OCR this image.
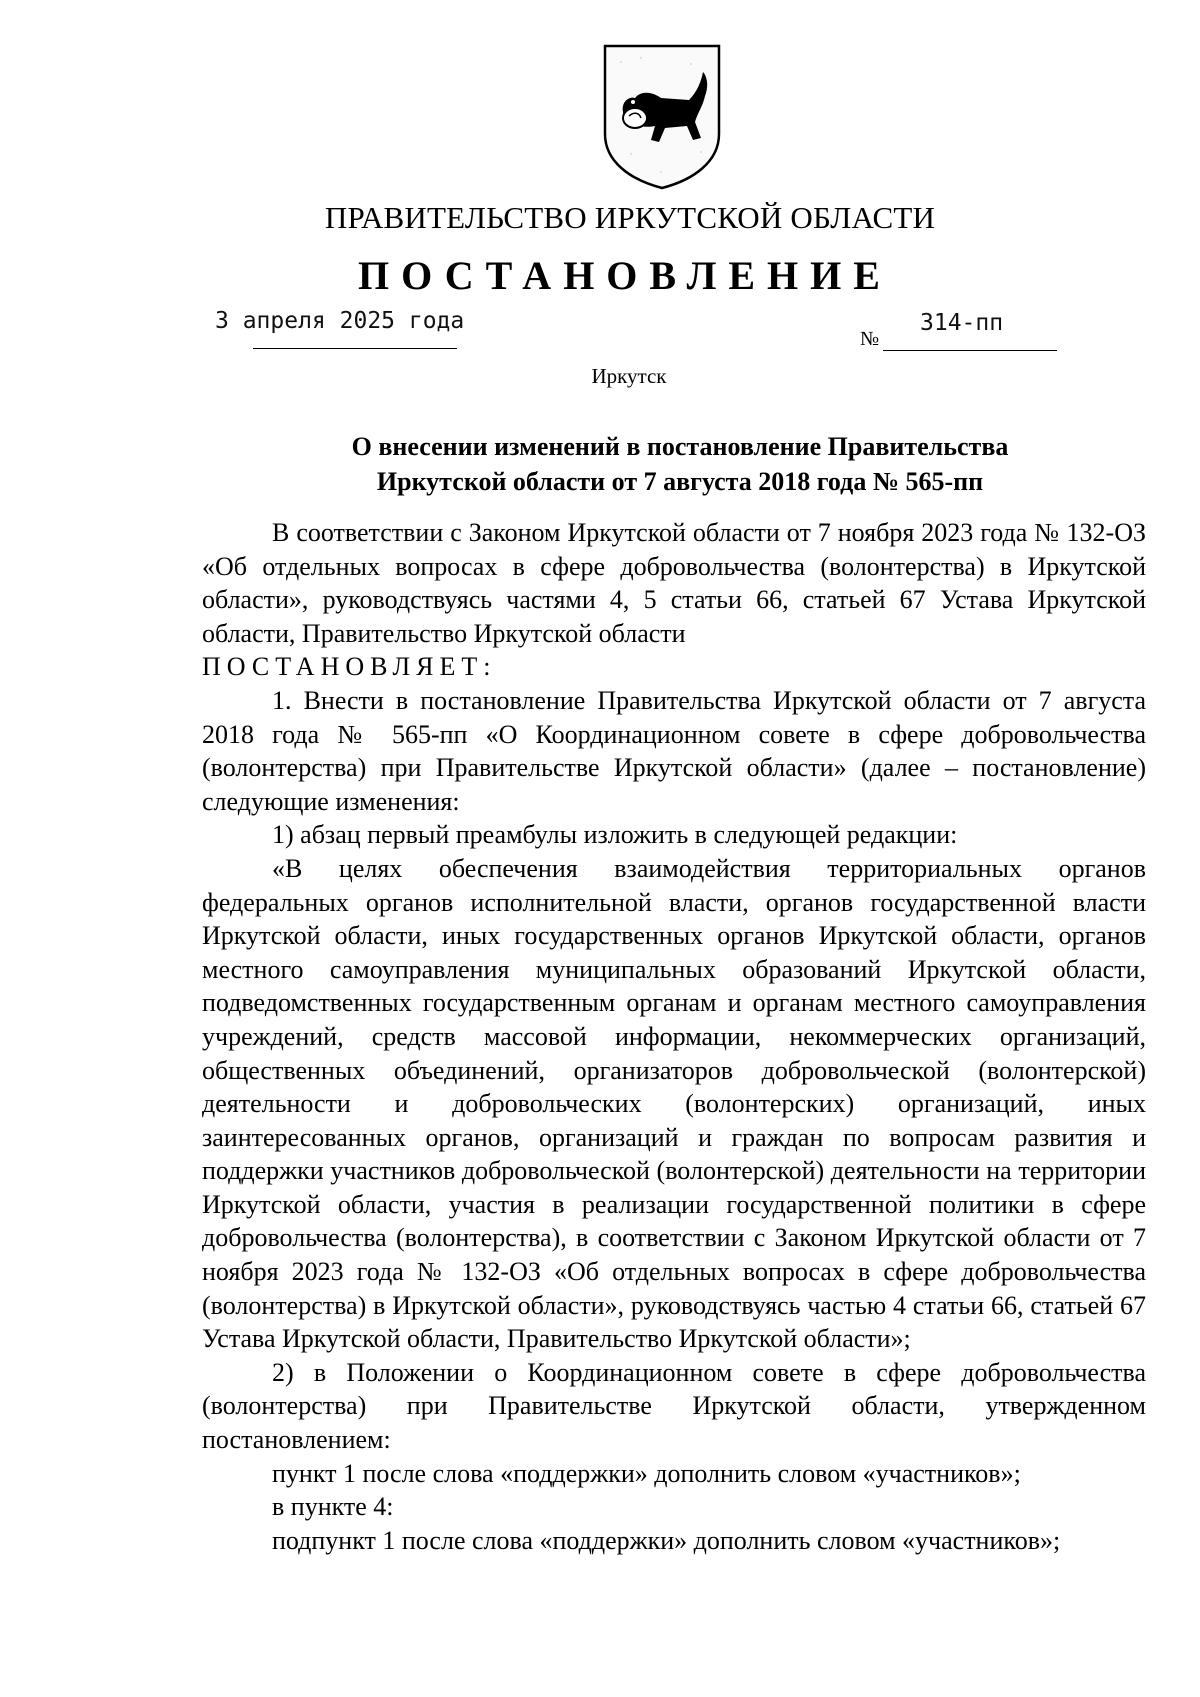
ПРАВИТЕЛЬСТВО ИРКУТСКОЙ ОБЛАСТИ
ПОСТАНОВЛЕНИЕ
3 апреля 2025 года
№
314-пп
Иркутск
О внесении изменений в постановление Правительства
Иркутской области от 7 августа 2018 года № 565-пп

В соответствии с Законом Иркутской области от 7 ноября 2023 года № 132-ОЗ «Об отдельных вопросах в сфере добровольчества (волонтерства) в Иркутской области», руководствуясь частями 4, 5 статьи 66, статьей 67 Устава Иркутской области, Правительство Иркутской области

ПОСТАНОВЛЯЕТ:

1. Внести в постановление Правительства Иркутской области от 7 августа 2018 года № 565-пп «О Координационном совете в сфере добровольчества (волонтерства) при Правительстве Иркутской области» (далее – постановление) следующие изменения:

1) абзац первый преамбулы изложить в следующей редакции:

«В целях обеспечения взаимодействия территориальных органов федеральных органов исполнительной власти, органов государственной власти Иркутской области, иных государственных органов Иркутской области, органов местного самоуправления муниципальных образований Иркутской области, подведомственных государственным органам и органам местного самоуправления учреждений, средств массовой информации, некоммерческих организаций, общественных объединений, организаторов добровольческой (волонтерской) деятельности и добровольческих (волонтерских) организаций, иных заинтересованных органов, организаций и граждан по вопросам развития и поддержки участников добровольческой (волонтерской) деятельности на территории Иркутской области, участия в реализации государственной политики в сфере добровольчества (волонтерства), в соответствии с Законом Иркутской области от 7 ноября 2023 года № 132-ОЗ «Об отдельных вопросах в сфере добровольчества (волонтерства) в Иркутской области», руководствуясь частью 4 статьи 66, статьей 67 Устава Иркутской области, Правительство Иркутской области»;

2) в Положении о Координационном совете в сфере добровольчества (волонтерства) при Правительстве Иркутской области, утвержденном постановлением:

пункт 1 после слова «поддержки» дополнить словом «участников»;

в пункте 4:

подпункт 1 после слова «поддержки» дополнить словом «участников»;
